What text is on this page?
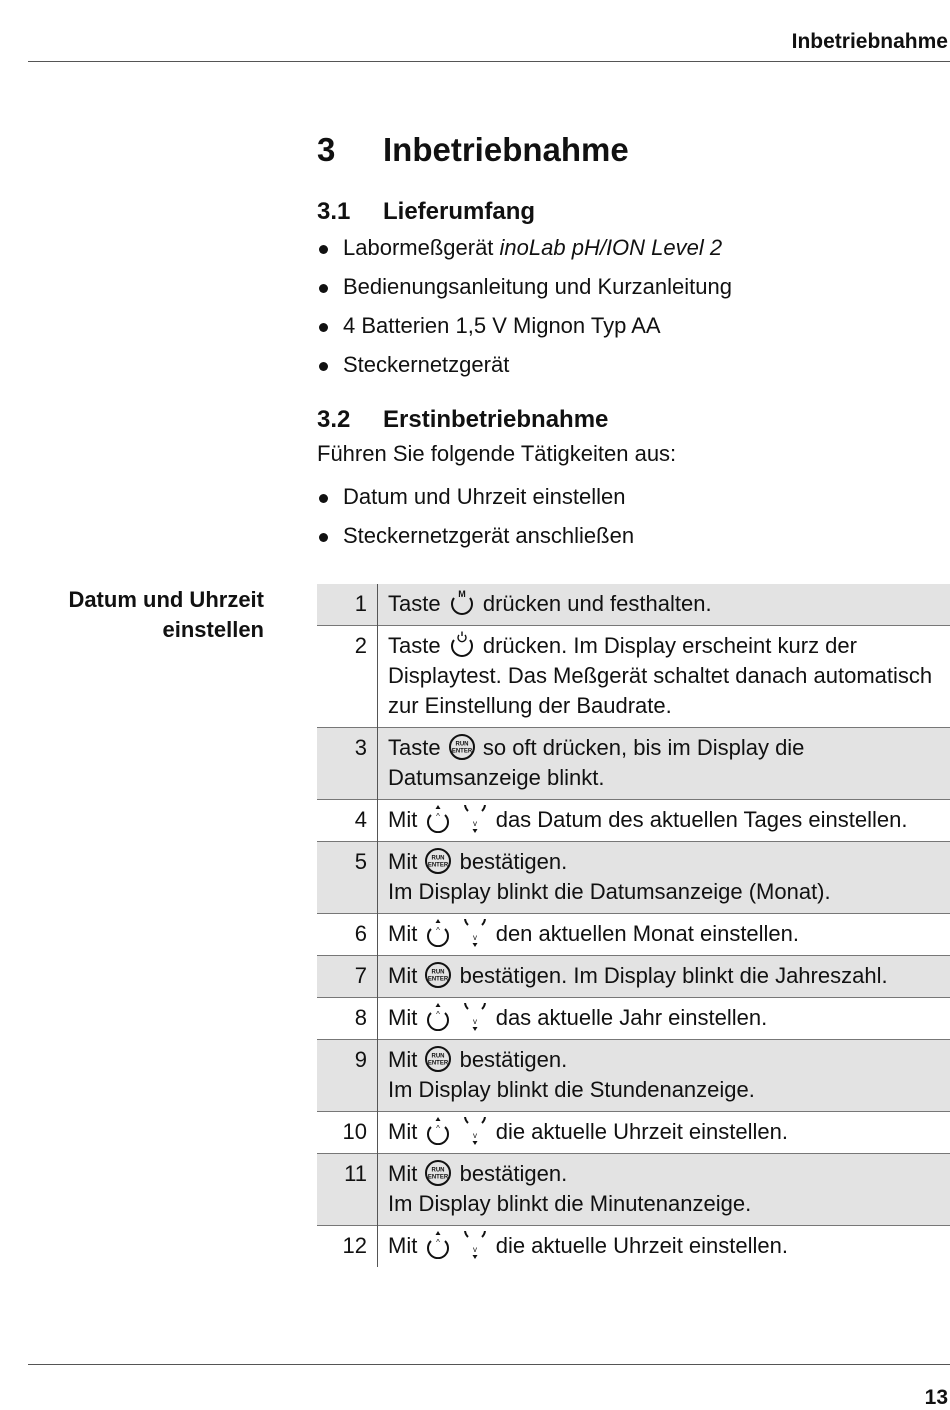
Inbetriebnahme
3 Inbetriebnahme
3.1 Lieferumfang
Labormeßgerät inoLab pH/ION Level 2
Bedienungsanleitung und Kurzanleitung
4 Batterien 1,5 V Mignon Typ AA
Steckernetzgerät
3.2 Erstinbetriebnahme
Führen Sie folgende Tätigkeiten aus:
Datum und Uhrzeit einstellen
Steckernetzgerät anschließen
Datum und Uhrzeit
einstellen
1	Taste M drücken und festhalten.
2	Taste drücken. Im Display erscheint kurz der Displaytest. Das Meßgerät schaltet danach automatisch zur Einstellung der Baudrate.
3	Taste RUN
ENTER so oft drücken, bis im Display die Datumsanzeige blinkt.
4	Mit ^

v das Datum des aktuellen Tages einstellen.
5	Mit RUN
ENTER bestätigen.
Im Display blinkt die Datumsanzeige (Monat).
6	Mit ^

v den aktuellen Monat einstellen.
7	Mit RUN
ENTER bestätigen. Im Display blinkt die Jahreszahl.
8	Mit ^

v das aktuelle Jahr einstellen.
9	Mit RUN
ENTER bestätigen.
Im Display blinkt die Stundenanzeige.
10	Mit ^

v die aktuelle Uhrzeit einstellen.
11	Mit RUN
ENTER bestätigen.
Im Display blinkt die Minutenanzeige.
12	Mit ^

v die aktuelle Uhrzeit einstellen.
13
